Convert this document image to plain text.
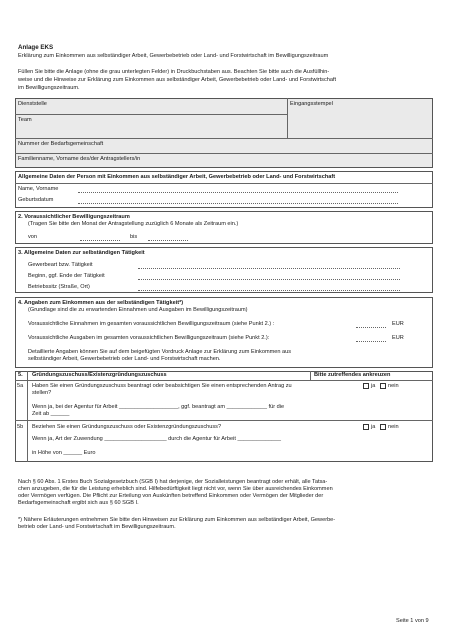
Anlage EKS
Erklärung zum Einkommen aus selbständiger Arbeit, Gewerbebetrieb oder Land- und Forstwirtschaft im Bewilligungszeitraum
Füllen Sie bitte die Anlage (ohne die grau unterlegten Felder) in Druckbuchstaben aus. Beachten Sie bitte auch die Ausfüllhin-
weise und die Hinweise zur Erklärung zum Einkommen aus selbständiger Arbeit, Gewerbebetrieb oder Land- und Forstwirtschaft
im Bewilligungszeitraum.
Dienststelle	Eingangsstempel
Team
Nummer der Bedarfsgemeinschaft
Familienname, Vorname des/der Antragstellers/in
Allgemeine Daten der Person mit Einkommen aus selbständiger Arbeit, Gewerbebetrieb oder Land- und Forstwirtschaft
Name, Vorname
Geburtsdatum
2. Voraussichtlicher Bewilligungszeitraum
(Tragen Sie bitte den Monat der Antragstellung zuzüglich 6 Monate als Zeitraum ein.)
von	bis
3. Allgemeine Daten zur selbständigen Tätigkeit
Gewerbeart bzw. Tätigkeit
Beginn, ggf. Ende der Tätigkeit
Betriebssitz (Straße, Ort)
4. Angaben zum Einkommen aus der selbständigen Tätigkeit*)
(Grundlage sind die zu erwartenden Einnahmen und Ausgaben im Bewilligungszeitraum)
Voraussichtliche Einnahmen im gesamten voraussichtlichen Bewilligungszeitraum (siehe Punkt 2.) :	EUR
Voraussichtliche Ausgaben im gesamten voraussichtlichen Bewilligungszeitraum (siehe Punkt 2.):	EUR
Detaillierte Angaben können Sie auf dem beigefügten Vordruck Anlage zur Erklärung zum Einkommen aus
selbständiger Arbeit, Gewerbebetrieb oder Land- und Forstwirtschaft machen.
5. Gründungszuschuss/Existenzgründungszuschuss	Bitte zutreffendes ankreuzen
5a Haben Sie einen Gründungszuschuss beantragt oder beabsichtigen Sie einen entsprechenden Antrag zu
stellen?
ja nein
Wenn ja, bei der Agentur für Arbeit ___________________, ggf. beantragt am _____________ für die
Zeit ab ______
5b Beziehen Sie einen Gründungszuschuss oder Existenzgründungszuschuss?	ja nein
Wenn ja, Art der Zuwendung ____________________ durch die Agentur für Arbeit ______________
in Höhe von ______ Euro
Nach § 60 Abs. 1 Erstes Buch Sozialgesetzbuch (SGB I) hat derjenige, der Sozialleistungen beantragt oder erhält, alle Tatsa-
chen anzugeben, die für die Leistung erheblich sind. Hilfebedürftigkeit liegt nicht vor, wenn Sie über ausreichendes Einkommen
oder Vermögen verfügen. Die Pflicht zur Erteilung von Auskünften betreffend Einkommen oder Vermögen der Mitglieder der
Bedarfsgemeinschaft ergibt sich aus § 60 SGB I.
*) Nähere Erläuterungen entnehmen Sie bitte den Hinweisen zur Erklärung zum Einkommen aus selbständiger Arbeit, Gewerbe-
betrieb oder Land- und Forstwirtschaft im Bewilligungszeitraum.
Seite 1 von 9
